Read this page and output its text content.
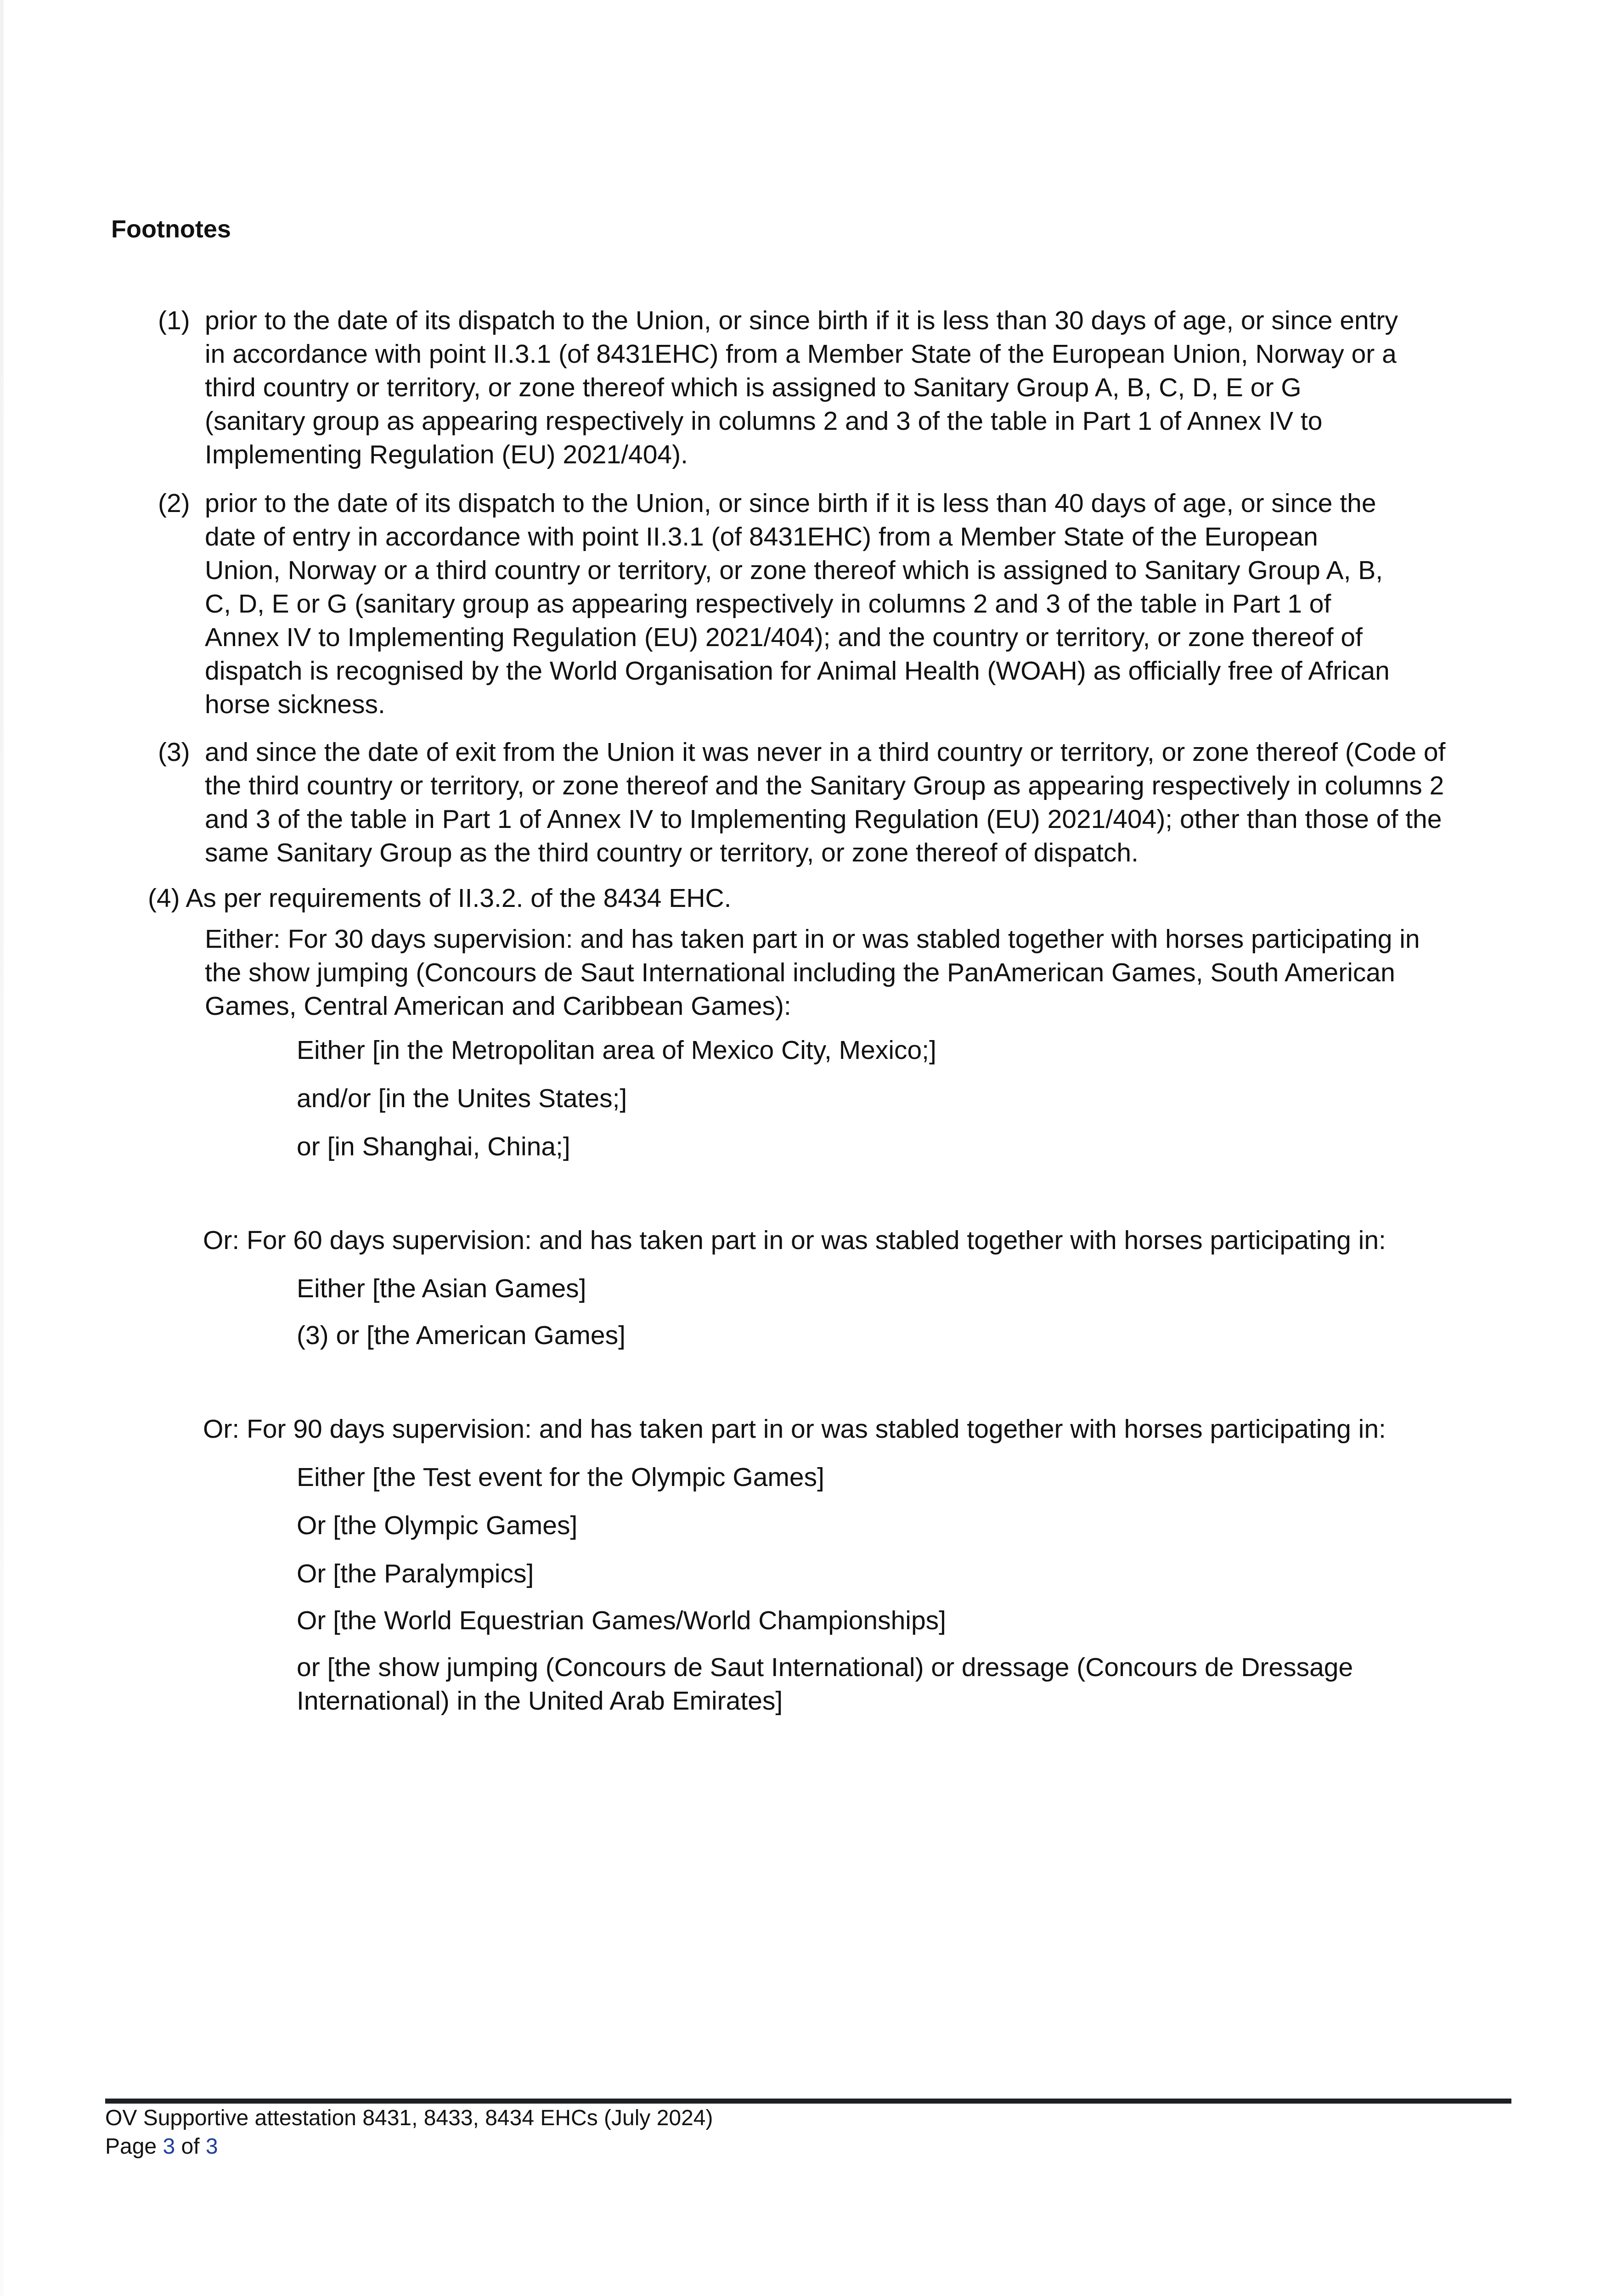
Footnotes
(1) prior to the date of its dispatch to the Union, or since birth if it is less than 30 days of age, or since entry
in accordance with point II.3.1 (of 8431EHC) from a Member State of the European Union, Norway or a
third country or territory, or zone thereof which is assigned to Sanitary Group A, B, C, D, E or G
(sanitary group as appearing respectively in columns 2 and 3 of the table in Part 1 of Annex IV to
Implementing Regulation (EU) 2021/404).
(2) prior to the date of its dispatch to the Union, or since birth if it is less than 40 days of age, or since the
date of entry in accordance with point II.3.1 (of 8431EHC) from a Member State of the European
Union, Norway or a third country or territory, or zone thereof which is assigned to Sanitary Group A, B,
C, D, E or G (sanitary group as appearing respectively in columns 2 and 3 of the table in Part 1 of
Annex IV to Implementing Regulation (EU) 2021/404); and the country or territory, or zone thereof of
dispatch is recognised by the World Organisation for Animal Health (WOAH) as officially free of African
horse sickness.
(3) and since the date of exit from the Union it was never in a third country or territory, or zone thereof (Code of
the third country or territory, or zone thereof and the Sanitary Group as appearing respectively in columns 2
and 3 of the table in Part 1 of Annex IV to Implementing Regulation (EU) 2021/404); other than those of the
same Sanitary Group as the third country or territory, or zone thereof of dispatch.
(4) As per requirements of II.3.2. of the 8434 EHC.
Either: For 30 days supervision: and has taken part in or was stabled together with horses participating in
the show jumping (Concours de Saut International including the PanAmerican Games, South American
Games, Central American and Caribbean Games):
Either [in the Metropolitan area of Mexico City, Mexico;]
and/or [in the Unites States;]
or [in Shanghai, China;]
Or: For 60 days supervision: and has taken part in or was stabled together with horses participating in:
Either [the Asian Games]
(3) or [the American Games]
Or: For 90 days supervision: and has taken part in or was stabled together with horses participating in:
Either [the Test event for the Olympic Games]
Or [the Olympic Games]
Or [the Paralympics]
Or [the World Equestrian Games/World Championships]
or [the show jumping (Concours de Saut International) or dressage (Concours de Dressage
International) in the United Arab Emirates]
OV Supportive attestation 8431, 8433, 8434 EHCs (July 2024)
Page 3 of 3
